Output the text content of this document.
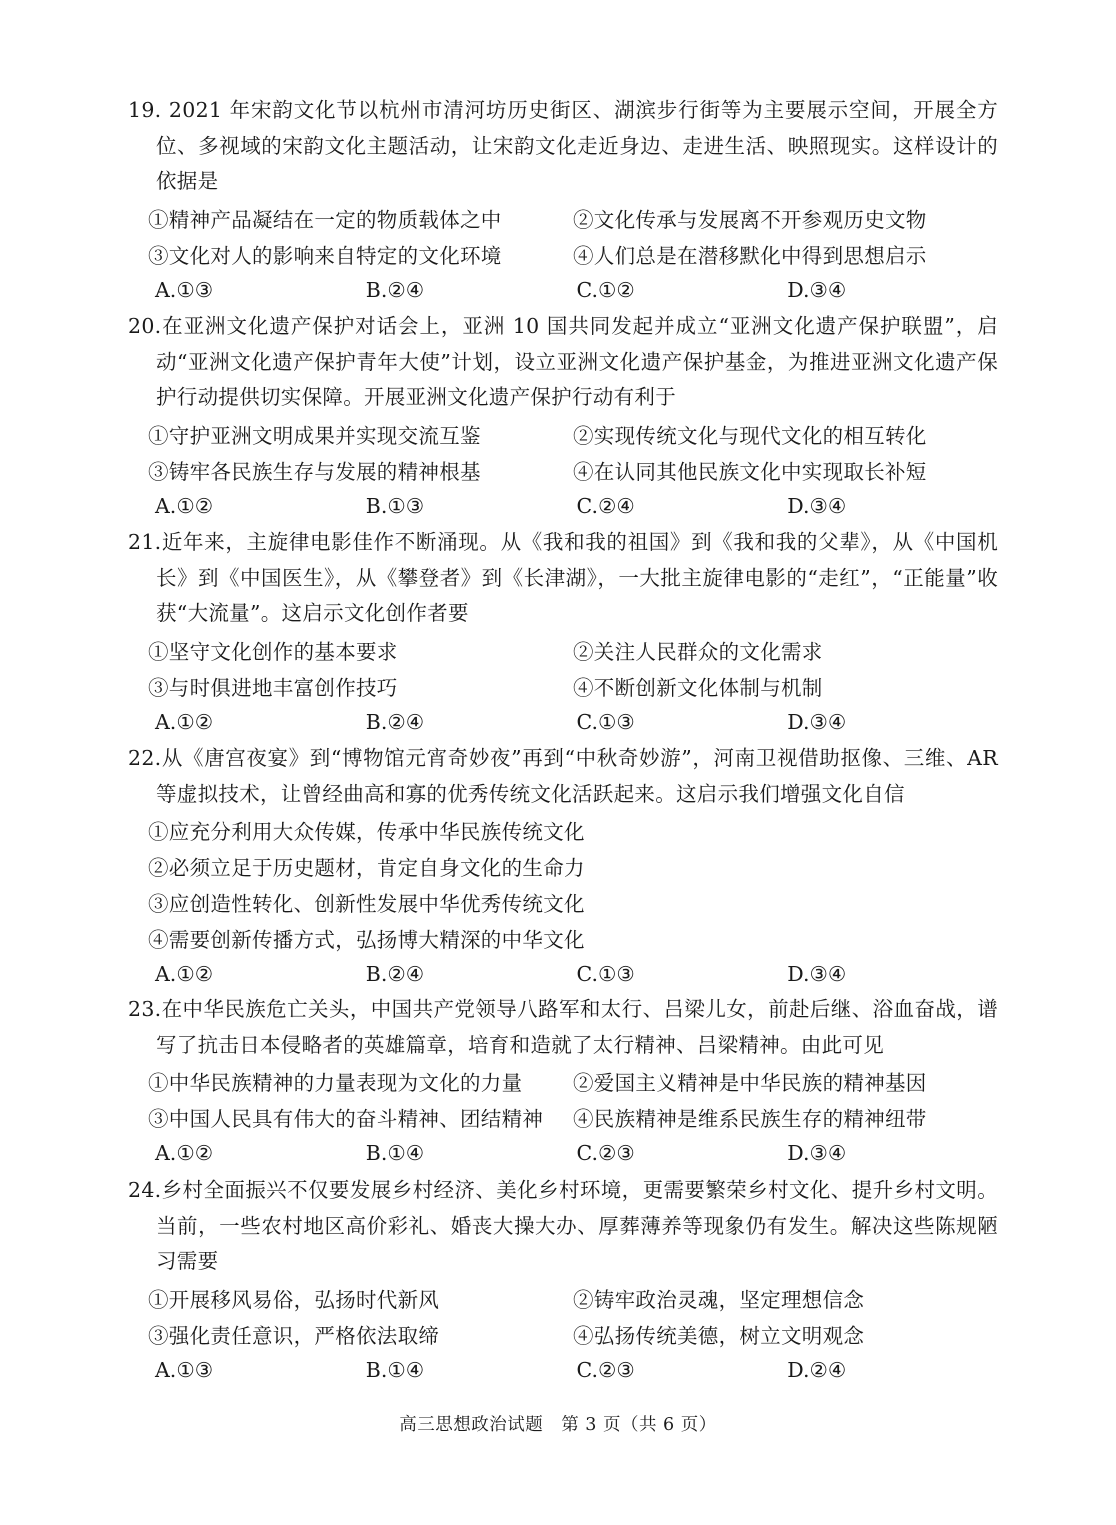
19. 2021 年宋韵文化节以杭州市清河坊历史街区、湖滨步行街等为主要展示空间，开展全方位、多视域的宋韵文化主题活动，让宋韵文化走近身边、走进生活、映照现实。这样设计的依据是

①精神产品凝结在一定的物质载体之中	②文化传承与发展离不开参观历史文物
③文化对人的影响来自特定的文化环境	④人们总是在潜移默化中得到思想启示
A.①③	B.②④	C.①②	D.③④

20.在亚洲文化遗产保护对话会上，亚洲 10 国共同发起并成立“亚洲文化遗产保护联盟”，启动“亚洲文化遗产保护青年大使”计划，设立亚洲文化遗产保护基金，为推进亚洲文化遗产保护行动提供切实保障。开展亚洲文化遗产保护行动有利于

①守护亚洲文明成果并实现交流互鉴	②实现传统文化与现代文化的相互转化
③铸牢各民族生存与发展的精神根基	④在认同其他民族文化中实现取长补短
A.①②	B.①③	C.②④	D.③④

21.近年来，主旋律电影佳作不断涌现。从《我和我的祖国》到《我和我的父辈》，从《中国机长》到《中国医生》，从《攀登者》到《长津湖》，一大批主旋律电影的“走红”，“正能量”收获“大流量”。这启示文化创作者要

①坚守文化创作的基本要求	②关注人民群众的文化需求
③与时俱进地丰富创作技巧	④不断创新文化体制与机制
A.①②	B.②④	C.①③	D.③④

22.从《唐宫夜宴》到“博物馆元宵奇妙夜”再到“中秋奇妙游”，河南卫视借助抠像、三维、AR等虚拟技术，让曾经曲高和寡的优秀传统文化活跃起来。这启示我们增强文化自信

①应充分利用大众传媒，传承中华民族传统文化
②必须立足于历史题材，肯定自身文化的生命力
③应创造性转化、创新性发展中华优秀传统文化
④需要创新传播方式，弘扬博大精深的中华文化
A.①②	B.②④	C.①③	D.③④

23.在中华民族危亡关头，中国共产党领导八路军和太行、吕梁儿女，前赴后继、浴血奋战，谱写了抗击日本侵略者的英雄篇章，培育和造就了太行精神、吕梁精神。由此可见

①中华民族精神的力量表现为文化的力量	②爱国主义精神是中华民族的精神基因
③中国人民具有伟大的奋斗精神、团结精神	④民族精神是维系民族生存的精神纽带
A.①②	B.①④	C.②③	D.③④

24.乡村全面振兴不仅要发展乡村经济、美化乡村环境，更需要繁荣乡村文化、提升乡村文明。当前，一些农村地区高价彩礼、婚丧大操大办、厚葬薄养等现象仍有发生。解决这些陈规陋习需要

①开展移风易俗，弘扬时代新风	②铸牢政治灵魂，坚定理想信念
③强化责任意识，严格依法取缔	④弘扬传统美德，树立文明观念
A.①③	B.①④	C.②③	D.②④
高三思想政治试题　第 3 页（共 6 页）
